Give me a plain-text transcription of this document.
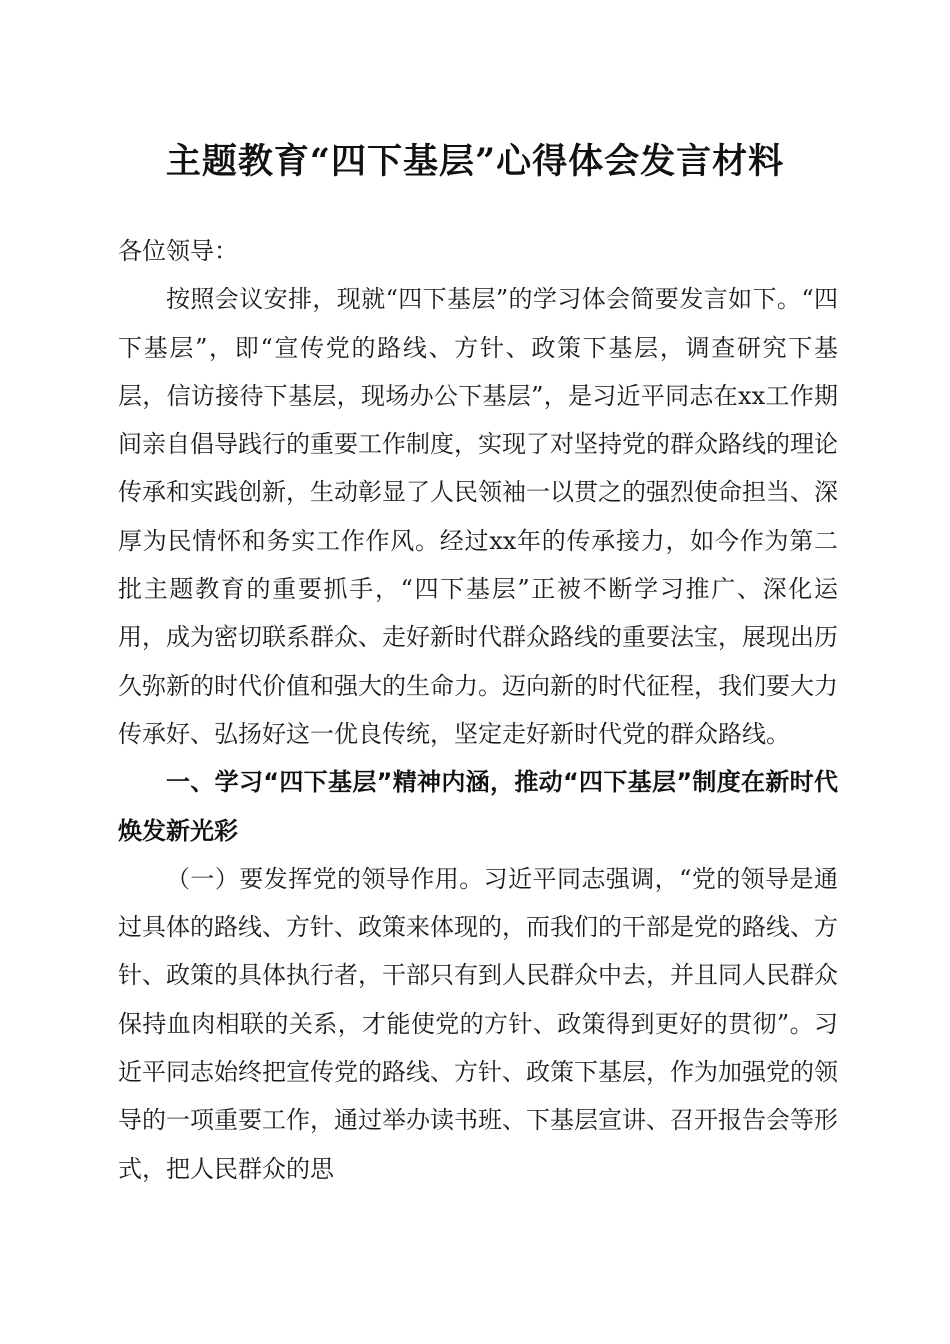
主题教育“四下基层”心得体会发言材料

各位领导：

按照会议安排，现就“四下基层”的学习体会简要发言如下。“四下基层”，即“宣传党的路线、方针、政策下基层，调查研究下基层，信访接待下基层，现场办公下基层”，是习近平同志在xx工作期间亲自倡导践行的重要工作制度，实现了对坚持党的群众路线的理论传承和实践创新，生动彰显了人民领袖一以贯之的强烈使命担当、深厚为民情怀和务实工作作风。经过xx年的传承接力，如今作为第二批主题教育的重要抓手，“四下基层”正被不断学习推广、深化运用，成为密切联系群众、走好新时代群众路线的重要法宝，展现出历久弥新的时代价值和强大的生命力。迈向新的时代征程，我们要大力传承好、弘扬好这一优良传统，坚定走好新时代党的群众路线。

一、学习“四下基层”精神内涵，推动“四下基层”制度在新时代焕发新光彩

（一）要发挥党的领导作用。习近平同志强调，“党的领导是通过具体的路线、方针、政策来体现的，而我们的干部是党的路线、方针、政策的具体执行者，干部只有到人民群众中去，并且同人民群众保持血肉相联的关系，才能使党的方针、政策得到更好的贯彻”。习近平同志始终把宣传党的路线、方针、政策下基层，作为加强党的领导的一项重要工作，通过举办读书班、下基层宣讲、召开报告会等形式，把人民群众的思
